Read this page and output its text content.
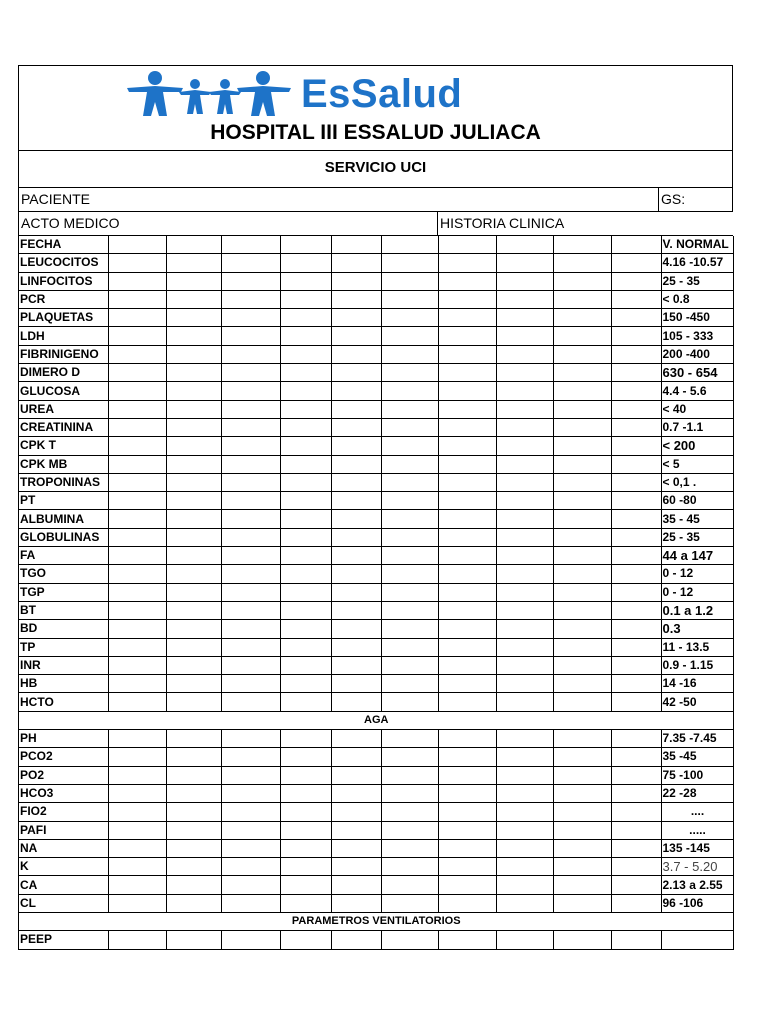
EsSalud
HOSPITAL III ESSALUD JULIACA
SERVICIO UCI
PACIENTE	GS:
ACTO MEDICO	HISTORIA CLINICA
FECHA											V. NORMAL
LEUCOCITOS											4.16 -10.57
LINFOCITOS											25 - 35
PCR											< 0.8
PLAQUETAS											150 -450
LDH											105 - 333
FIBRINIGENO											200 -400
DIMERO D											630 - 654
GLUCOSA											4.4 - 5.6
UREA											< 40
CREATININA											0.7 -1.1
CPK T											< 200
CPK MB											< 5
TROPONINAS											< 0,1 .
PT											60 -80
ALBUMINA											35 - 45
GLOBULINAS											25 - 35
FA											44 a 147
TGO											0 - 12
TGP											0 - 12
BT											0.1 a 1.2
BD											0.3
TP											11 - 13.5
INR											0.9 - 1.15
HB											14 -16
HCTO											42 -50
AGA											
PH											7.35 -7.45
PCO2											35 -45
PO2											75 -100
HCO3											22 -28
FIO2											....
PAFI											.....
NA											135 -145
K											3.7 - 5.20
CA											2.13 a 2.55
CL											96 -106
PARAMETROS VENTILATORIOS											
PEEP											
